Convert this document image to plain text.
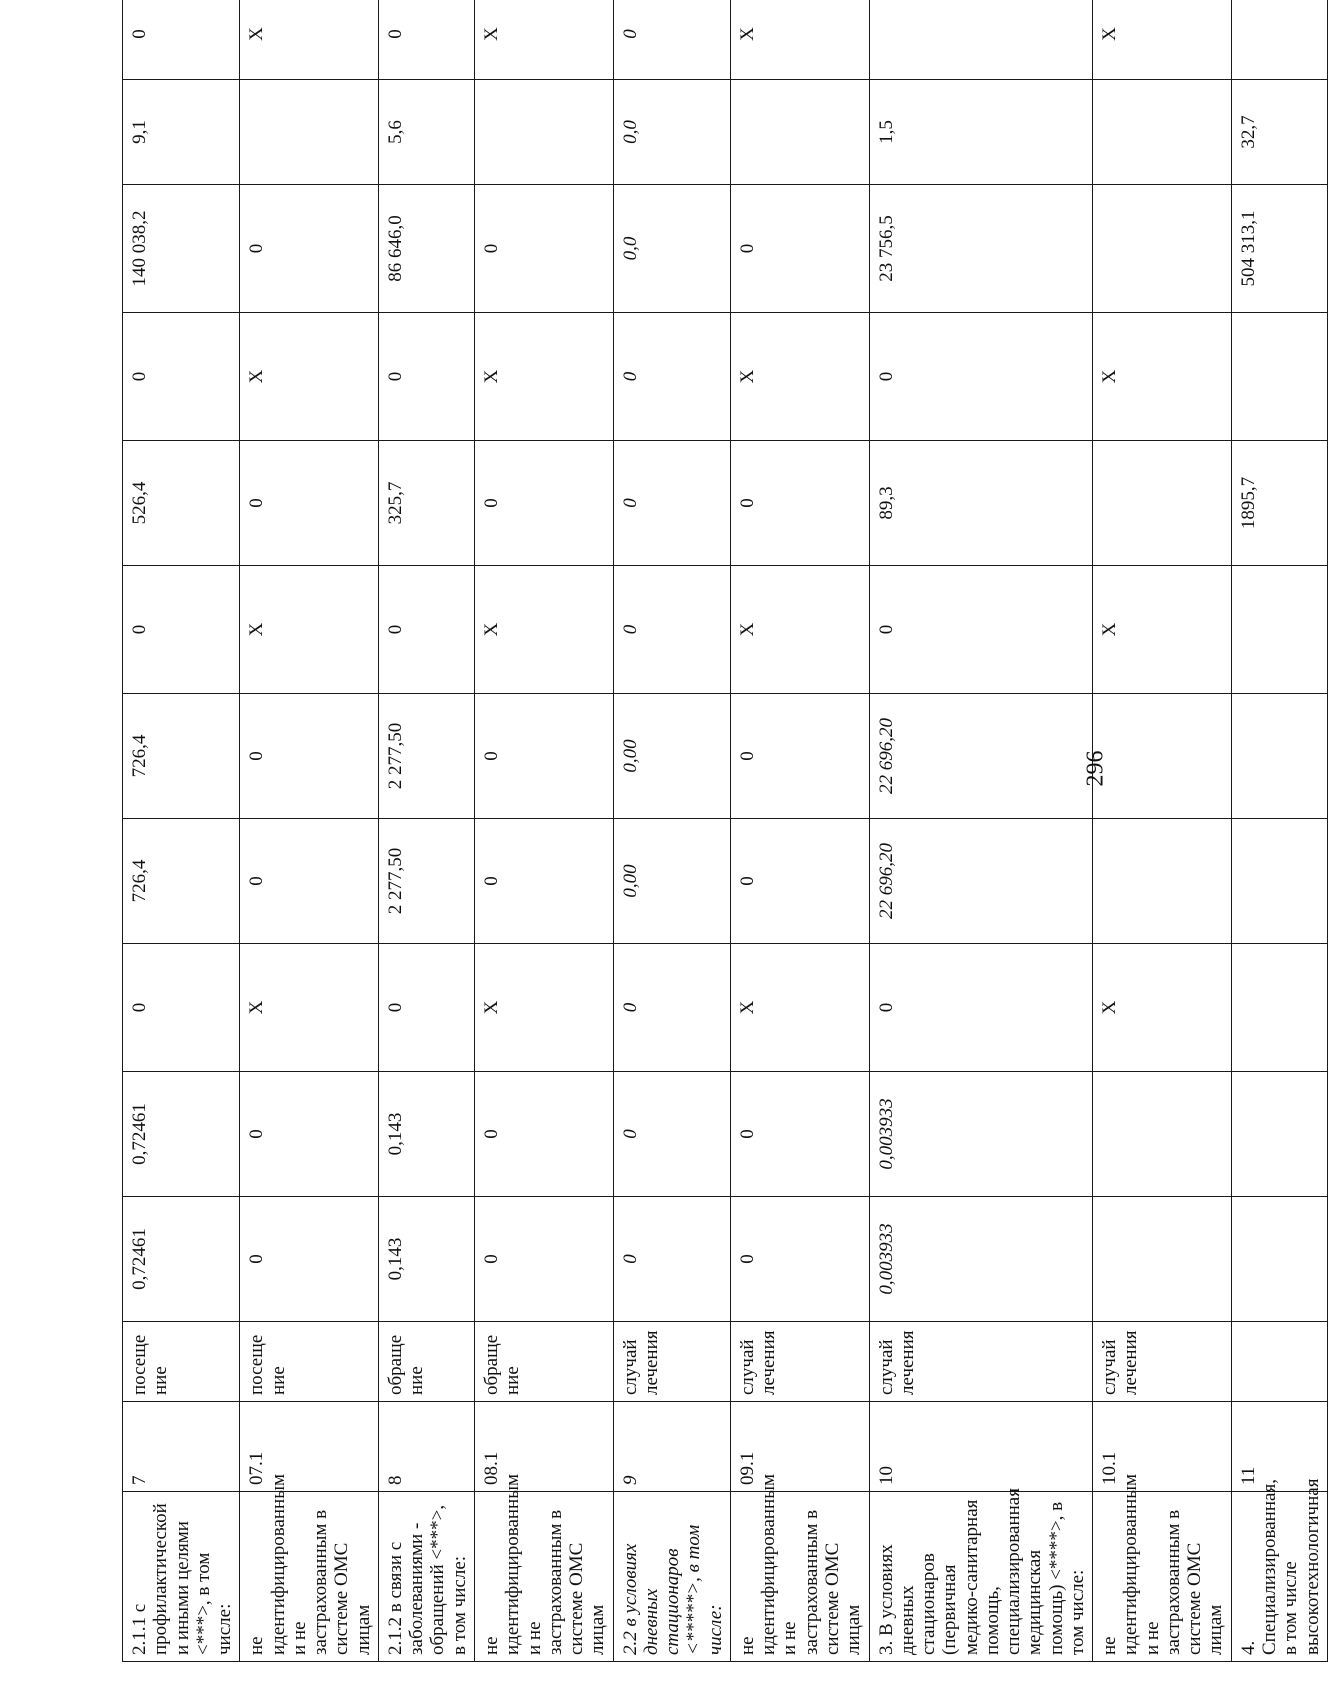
2.1.1 с профилактической и иными целями <***>, в том числе:	7	посещение	0,72461	0,72461	0	726,4	726,4	0	526,4	0	140 038,2	9,1	0	
не идентифицированным и не застрахованным в системе ОМС лицам	07.1	посещение	0	0	Х	0	0	Х	0	Х	0		Х	
2.1.2 в связи с заболеваниями - обращений <***>, в том числе:	8	обращение	0,143	0,143	0	2 277,50	2 277,50	0	325,7	0	86 646,0	5,6	0	
не идентифицированным и не застрахованным в системе ОМС лицам	08.1	обращение	0	0	Х	0	0	Х	0	Х	0		Х	
2.2 в условиях дневных стационаров <*****>, в том числе:	9	случай лечения	0	0	0	0,00	0,00	0	0	0	0,0	0,0	0	
не идентифицированным и не застрахованным в системе ОМС лицам	09.1	случай лечения	0	0	Х	0	0	Х	0	Х	0		Х	
3. В условиях дневных стационаров (первичная медико-санитарная помощь, специализированная медицинская помощь) <****>, в том числе:	10	случай лечения	0,003933	0,003933	0	22 696,20	22 696,20	0	89,3	0	23 756,5	1,5		
не идентифицированным и не застрахованным в системе ОМС лицам	10.1	случай лечения			Х			Х		Х			Х	
4. Специализированная, в том числе высокотехнологичная	11								1895,7		504 313,1	32,7		
296
